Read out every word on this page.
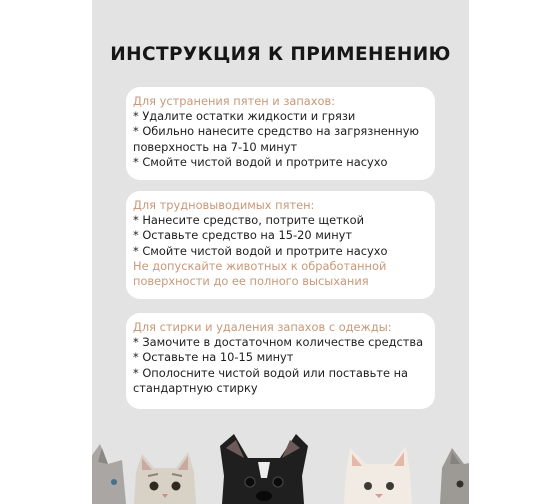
ИНСТРУКЦИЯ К ПРИМЕНЕНИЮ
Для устранения пятен и запахов:
* Удалите остатки жидкости и грязи
* Обильно нанесите средство на загрязненную поверхность на 7-10 минут
* Смойте чистой водой и протрите насухо
Для трудновыводимых пятен:
* Нанесите средство, потрите щеткой
* Оставьте средство на 15-20 минут
* Смойте чистой водой и протрите насухо
Не допускайте животных к обработанной поверхности до ее полного высыхания
Для стирки и удаления запахов с одежды:
* Замочите в достаточном количестве средства
* Оставьте на 10-15 минут
* Ополосните чистой водой или поставьте на стандартную стирку
